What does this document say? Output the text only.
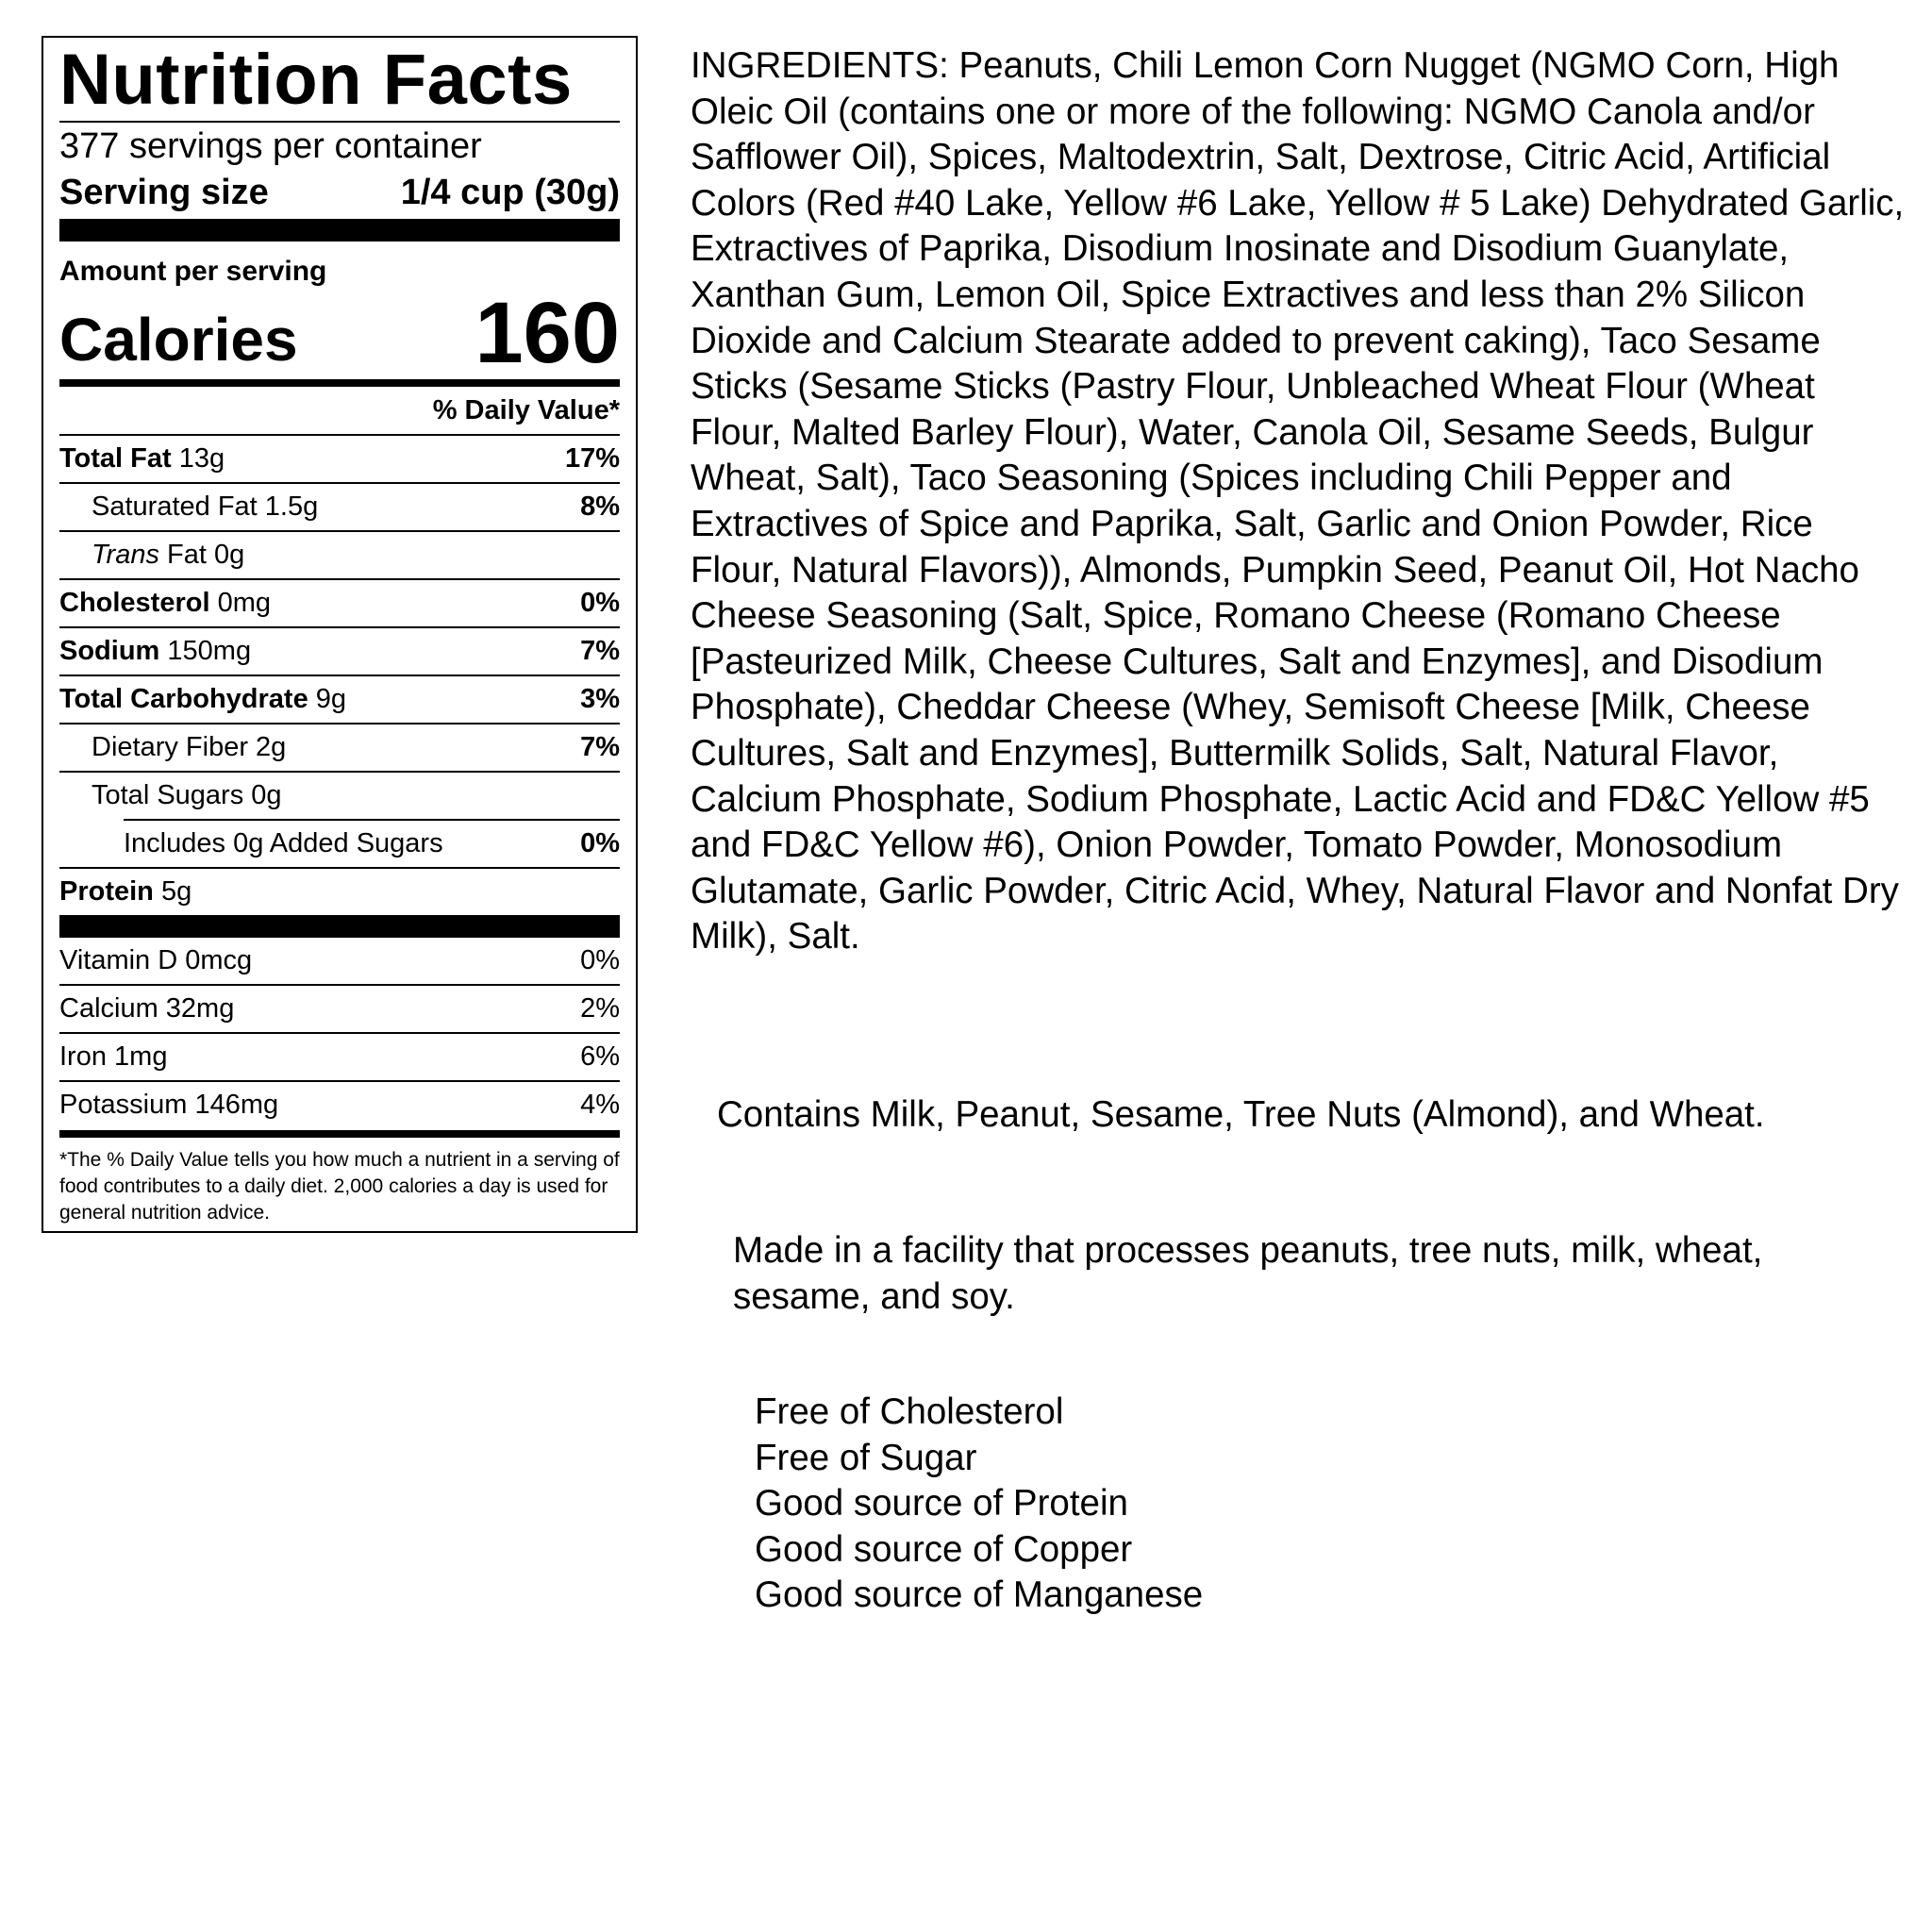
Nutrition Facts
377 servings per container
Serving size	1/4 cup (30g)
Amount per serving
Calories 160
% Daily Value*
Total Fat 13g	17%
Saturated Fat 1.5g	8%
Trans Fat 0g
Cholesterol 0mg	0%
Sodium 150mg	7%
Total Carbohydrate 9g	3%
Dietary Fiber 2g	7%
Total Sugars 0g
Includes 0g Added Sugars	0%
Protein 5g
Vitamin D 0mcg	0%
Calcium 32mg	2%
Iron 1mg	6%
Potassium 146mg	4%
*The % Daily Value tells you how much a nutrient in a serving of food contributes to a daily diet. 2,000 calories a day is used for general nutrition advice.

INGREDIENTS: Peanuts, Chili Lemon Corn Nugget (NGMO Corn, High Oleic Oil (contains one or more of the following: NGMO Canola and/or Safflower Oil), Spices, Maltodextrin, Salt, Dextrose, Citric Acid, Artificial Colors (Red #40 Lake, Yellow #6 Lake, Yellow # 5 Lake) Dehydrated Garlic, Extractives of Paprika, Disodium Inosinate and Disodium Guanylate, Xanthan Gum, Lemon Oil, Spice Extractives and less than 2% Silicon Dioxide and Calcium Stearate added to prevent caking), Taco Sesame Sticks (Sesame Sticks (Pastry Flour, Unbleached Wheat Flour (Wheat Flour, Malted Barley Flour), Water, Canola Oil, Sesame Seeds, Bulgur Wheat, Salt), Taco Seasoning (Spices including Chili Pepper and Extractives of Spice and Paprika, Salt, Garlic and Onion Powder, Rice Flour, Natural Flavors)), Almonds, Pumpkin Seed, Peanut Oil, Hot Nacho Cheese Seasoning (Salt, Spice, Romano Cheese (Romano Cheese [Pasteurized Milk, Cheese Cultures, Salt and Enzymes], and Disodium Phosphate), Cheddar Cheese (Whey, Semisoft Cheese [Milk, Cheese Cultures, Salt and Enzymes], Buttermilk Solids, Salt, Natural Flavor, Calcium Phosphate, Sodium Phosphate, Lactic Acid and FD&C Yellow #5 and FD&C Yellow #6), Onion Powder, Tomato Powder, Monosodium Glutamate, Garlic Powder, Citric Acid, Whey, Natural Flavor and Nonfat Dry Milk), Salt.

Contains Milk, Peanut, Sesame, Tree Nuts (Almond), and Wheat.

Made in a facility that processes peanuts, tree nuts, milk, wheat, sesame, and soy.

Free of Cholesterol
Free of Sugar
Good source of Protein
Good source of Copper
Good source of Manganese
